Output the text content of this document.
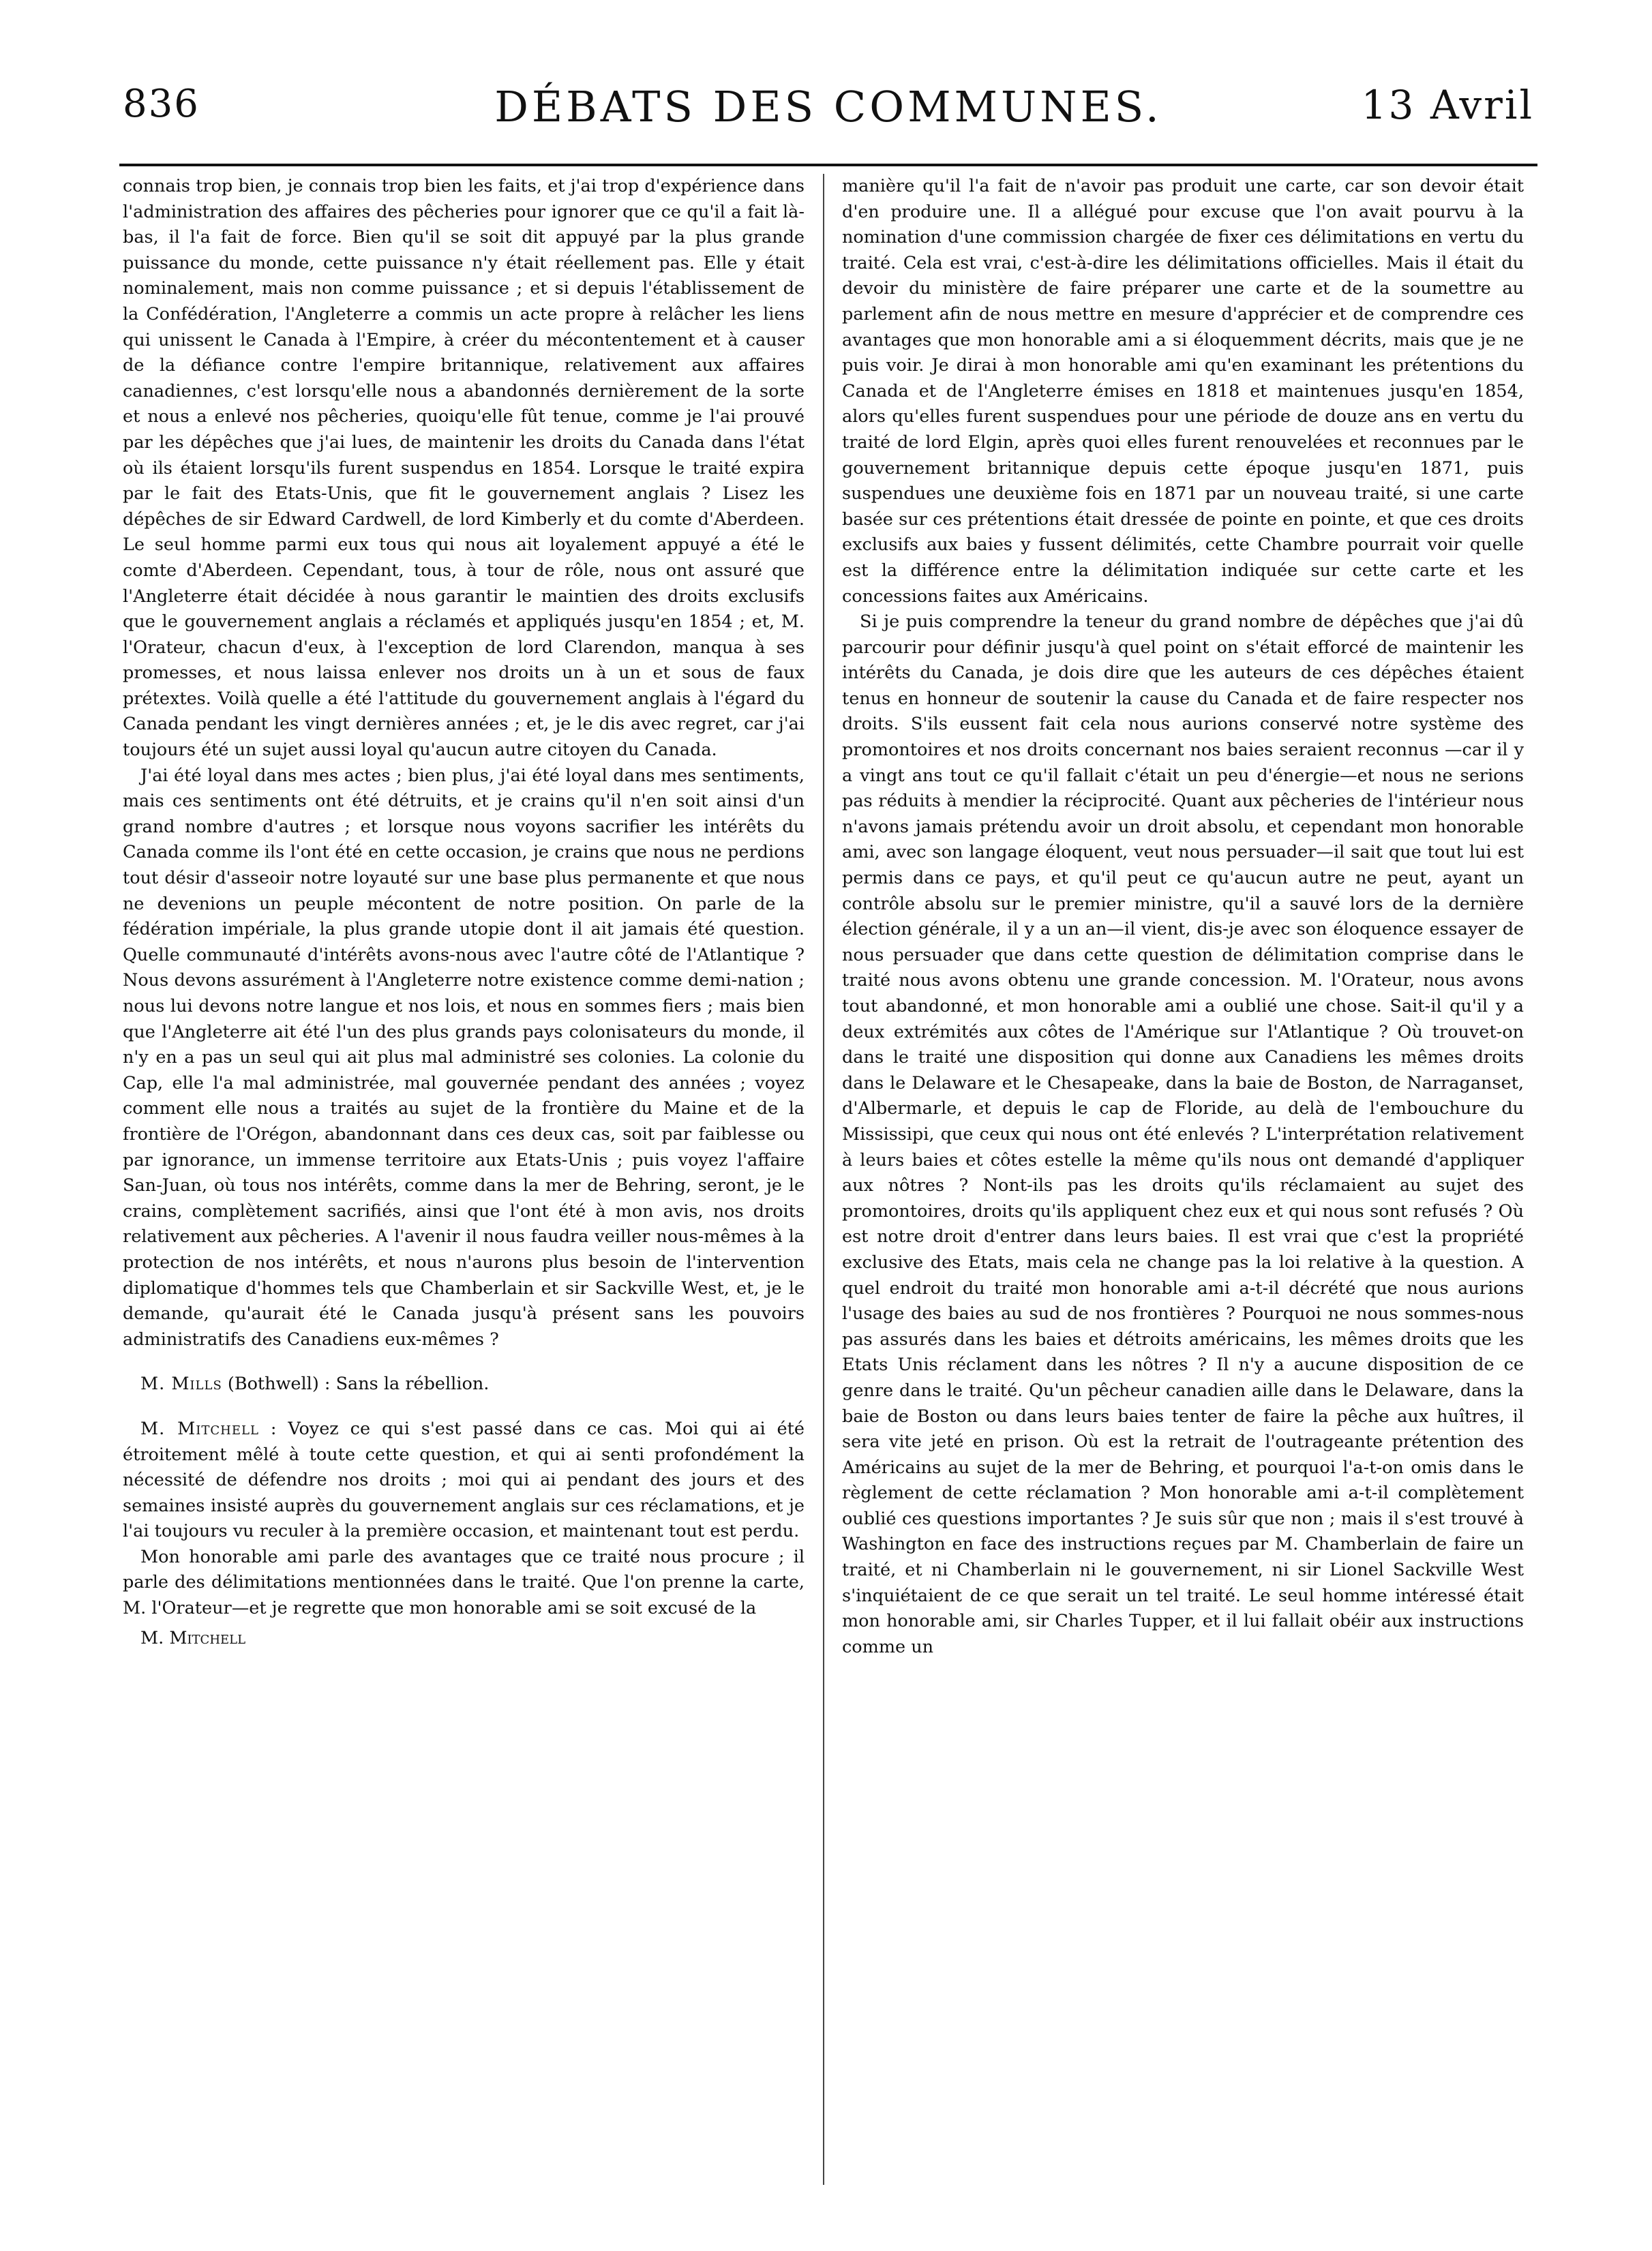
836	DÉBATS DES COMMUNES.	13 Avril

connais trop bien, je connais trop bien les faits, et j'ai trop d'expérience dans l'administration des affaires des pêcheries pour ignorer que ce qu'il a fait là-bas, il l'a fait de force. Bien qu'il se soit dit appuyé par la plus grande puissance du monde, cette puissance n'y était réellement pas. Elle y était nominalement, mais non comme puissance ; et si depuis l'établissement de la Confédération, l'Angleterre a commis un acte propre à relâcher les liens qui unissent le Canada à l'Empire, à créer du mécontentement et à causer de la défiance contre l'empire britannique, relativement aux affaires canadiennes, c'est lorsqu'elle nous a abandonnés dernièrement de la sorte et nous a enlevé nos pêcheries, quoiqu'elle fût tenue, comme je l'ai prouvé par les dépêches que j'ai lues, de maintenir les droits du Canada dans l'état où ils étaient lorsqu'ils furent suspendus en 1854. Lorsque le traité expira par le fait des Etats-Unis, que fit le gouvernement anglais ? Lisez les dépêches de sir Edward Cardwell, de lord Kimberly et du comte d'Aberdeen. Le seul homme parmi eux tous qui nous ait loyalement appuyé a été le comte d'Aberdeen. Cependant, tous, à tour de rôle, nous ont assuré que l'Angleterre était décidée à nous garantir le maintien des droits exclusifs que le gouvernement anglais a réclamés et appliqués jusqu'en 1854 ; et, M. l'Orateur, chacun d'eux, à l'exception de lord Clarendon, manqua à ses promesses, et nous laissa enlever nos droits un à un et sous de faux prétextes. Voilà quelle a été l'attitude du gouvernement anglais à l'égard du Canada pendant les vingt dernières années ; et, je le dis avec regret, car j'ai toujours été un sujet aussi loyal qu'aucun autre citoyen du Canada.

J'ai été loyal dans mes actes ; bien plus, j'ai été loyal dans mes sentiments, mais ces sentiments ont été détruits, et je crains qu'il n'en soit ainsi d'un grand nombre d'autres ; et lorsque nous voyons sacrifier les intérêts du Canada comme ils l'ont été en cette occasion, je crains que nous ne perdions tout désir d'asseoir notre loyauté sur une base plus permanente et que nous ne devenions un peuple mécontent de notre position. On parle de la fédération impériale, la plus grande utopie dont il ait jamais été question. Quelle communauté d'intérêts avons-nous avec l'autre côté de l'Atlantique ? Nous devons assurément à l'Angleterre notre existence comme demi-nation ; nous lui devons notre langue et nos lois, et nous en sommes fiers ; mais bien que l'Angleterre ait été l'un des plus grands pays colonisateurs du monde, il n'y en a pas un seul qui ait plus mal administré ses colonies. La colonie du Cap, elle l'a mal administrée, mal gouvernée pendant des années ; voyez comment elle nous a traités au sujet de la frontière du Maine et de la frontière de l'Orégon, abandonnant dans ces deux cas, soit par faiblesse ou par ignorance, un immense territoire aux Etats-Unis ; puis voyez l'affaire San-Juan, où tous nos intérêts, comme dans la mer de Behring, seront, je le crains, complètement sacrifiés, ainsi que l'ont été à mon avis, nos droits relativement aux pêcheries. A l'avenir il nous faudra veiller nous-mêmes à la protection de nos intérêts, et nous n'aurons plus besoin de l'intervention diplomatique d'hommes tels que Chamberlain et sir Sackville West, et, je le demande, qu'aurait été le Canada jusqu'à présent sans les pouvoirs administratifs des Canadiens eux-mêmes ?

M. Mills (Bothwell) : Sans la rébellion.

M. Mitchell : Voyez ce qui s'est passé dans ce cas. Moi qui ai été étroitement mêlé à toute cette question, et qui ai senti profondément la nécessité de défendre nos droits ; moi qui ai pendant des jours et des semaines insisté auprès du gouvernement anglais sur ces réclamations, et je l'ai toujours vu reculer à la première occasion, et maintenant tout est perdu.

Mon honorable ami parle des avantages que ce traité nous procure ; il parle des délimitations mentionnées dans le traité. Que l'on prenne la carte, M. l'Orateur—et je regrette que mon honorable ami se soit excusé de la

M. Mitchell

manière qu'il l'a fait de n'avoir pas produit une carte, car son devoir était d'en produire une. Il a allégué pour excuse que l'on avait pourvu à la nomination d'une commission chargée de fixer ces délimitations en vertu du traité. Cela est vrai, c'est-à-dire les délimitations officielles. Mais il était du devoir du ministère de faire préparer une carte et de la soumettre au parlement afin de nous mettre en mesure d'apprécier et de comprendre ces avantages que mon honorable ami a si éloquemment décrits, mais que je ne puis voir. Je dirai à mon honorable ami qu'en examinant les prétentions du Canada et de l'Angleterre émises en 1818 et maintenues jusqu'en 1854, alors qu'elles furent suspendues pour une période de douze ans en vertu du traité de lord Elgin, après quoi elles furent renouvelées et reconnues par le gouvernement britannique depuis cette époque jusqu'en 1871, puis suspendues une deuxième fois en 1871 par un nouveau traité, si une carte basée sur ces prétentions était dressée de pointe en pointe, et que ces droits exclusifs aux baies y fussent délimités, cette Chambre pourrait voir quelle est la différence entre la délimitation indiquée sur cette carte et les concessions faites aux Américains.

Si je puis comprendre la teneur du grand nombre de dépêches que j'ai dû parcourir pour définir jusqu'à quel point on s'était efforcé de maintenir les intérêts du Canada, je dois dire que les auteurs de ces dépêches étaient tenus en honneur de soutenir la cause du Canada et de faire respecter nos droits. S'ils eussent fait cela nous aurions conservé notre système des promontoires et nos droits concernant nos baies seraient reconnus —car il y a vingt ans tout ce qu'il fallait c'était un peu d'énergie—et nous ne serions pas réduits à mendier la réciprocité. Quant aux pêcheries de l'intérieur nous n'avons jamais prétendu avoir un droit absolu, et cependant mon honorable ami, avec son langage éloquent, veut nous persuader—il sait que tout lui est permis dans ce pays, et qu'il peut ce qu'aucun autre ne peut, ayant un contrôle absolu sur le premier ministre, qu'il a sauvé lors de la dernière élection générale, il y a un an—il vient, dis-je avec son éloquence essayer de nous persuader que dans cette question de délimitation comprise dans le traité nous avons obtenu une grande concession. M. l'Orateur, nous avons tout abandonné, et mon honorable ami a oublié une chose. Sait-il qu'il y a deux extrémités aux côtes de l'Amérique sur l'Atlantique ? Où trouvet-on dans le traité une disposition qui donne aux Canadiens les mêmes droits dans le Delaware et le Chesapeake, dans la baie de Boston, de Narraganset, d'Albermarle, et depuis le cap de Floride, au delà de l'embouchure du Mississipi, que ceux qui nous ont été enlevés ? L'interprétation relativement à leurs baies et côtes estelle la même qu'ils nous ont demandé d'appliquer aux nôtres ? Nont-ils pas les droits qu'ils réclamaient au sujet des promontoires, droits qu'ils appliquent chez eux et qui nous sont refusés ? Où est notre droit d'entrer dans leurs baies. Il est vrai que c'est la propriété exclusive des Etats, mais cela ne change pas la loi relative à la question. A quel endroit du traité mon honorable ami a-t-il décrété que nous aurions l'usage des baies au sud de nos frontières ? Pourquoi ne nous sommes-nous pas assurés dans les baies et détroits américains, les mêmes droits que les Etats Unis réclament dans les nôtres ? Il n'y a aucune disposition de ce genre dans le traité. Qu'un pêcheur canadien aille dans le Delaware, dans la baie de Boston ou dans leurs baies tenter de faire la pêche aux huîtres, il sera vite jeté en prison. Où est la retrait de l'outrageante prétention des Américains au sujet de la mer de Behring, et pourquoi l'a-t-on omis dans le règlement de cette réclamation ? Mon honorable ami a-t-il complètement oublié ces questions importantes ? Je suis sûr que non ; mais il s'est trouvé à Washington en face des instructions reçues par M. Chamberlain de faire un traité, et ni Chamberlain ni le gouvernement, ni sir Lionel Sackville West s'inquiétaient de ce que serait un tel traité. Le seul homme intéressé était mon honorable ami, sir Charles Tupper, et il lui fallait obéir aux instructions comme un
